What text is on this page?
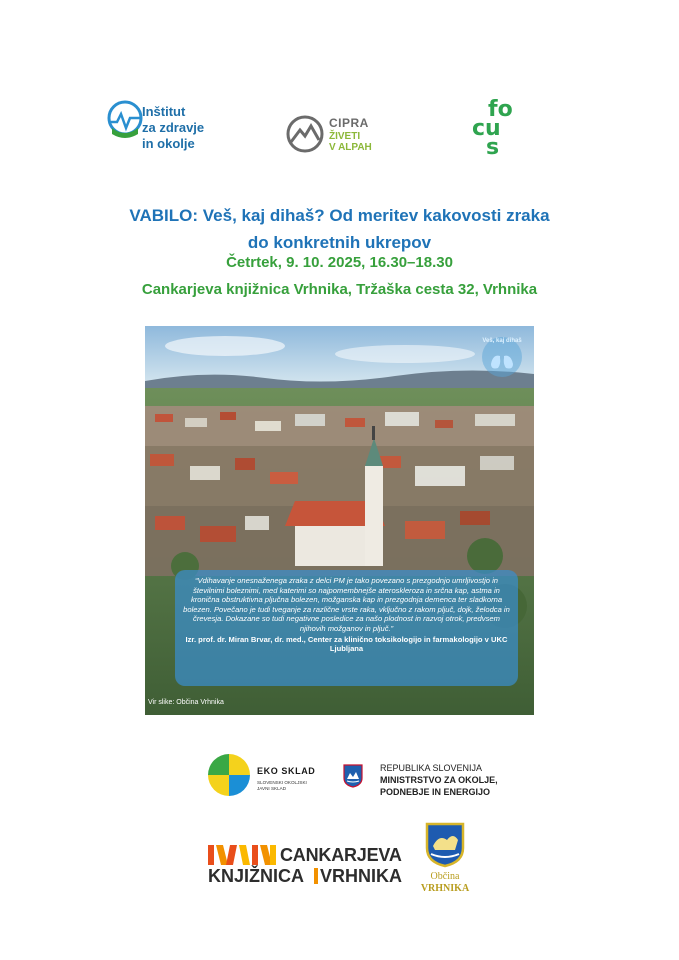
Inštitut
za zdravje
in okolje
CIPRA
ŽIVETI
V ALPAH
fo
cu
s
VABILO: Veš, kaj dihaš? Od meritev kakovosti zraka
do konkretnih ukrepov
Četrtek, 9. 10. 2025, 16.30–18.30
Cankarjeva knjižnica Vrhnika, Tržaška cesta 32, Vrhnika
Veš, kaj dihaš
“Vdihavanje onesnaženega zraka z delci PM je tako povezano s prezgodnjo umrljivostjo in številnimi boleznimi, med katerimi so najpomembnejše ateroskleroza in srčna kap, astma in kronična obstruktivna pljučna bolezen, možganska kap in prezgodnja demenca ter sladkorna bolezen. Povečano je tudi tveganje za različne vrste raka, vključno z rakom pljuč, dojk, želodca in črevesja. Dokazane so tudi negativne posledice za našo plodnost in razvoj otrok, predvsem njihovih možganov in pljuč.”
Izr. prof. dr. Miran Brvar, dr. med., Center za klinično toksikologijo in farmakologijo v UKC Ljubljana
Vir slike: Občina Vrhnika
EKO SKLAD
SLOVENSKI OKOLJSKI
JAVNI SKLAD
REPUBLIKA SLOVENIJA
MINISTRSTVO ZA OKOLJE,
PODNEBJE IN ENERGIJO
CANKARJEVA
KNJIŽNICA VRHNIKA	Občina
VRHNIKA
